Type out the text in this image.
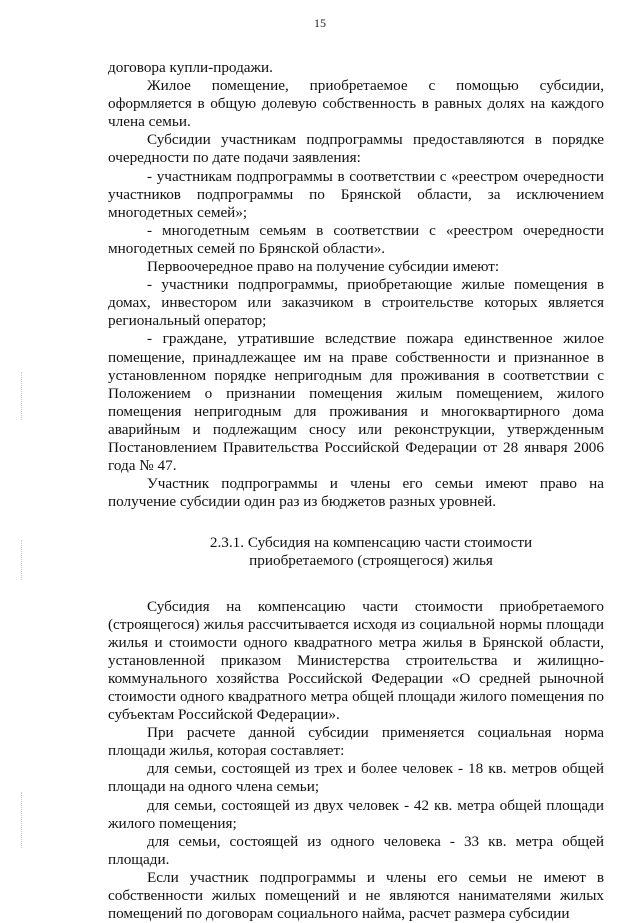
15

договора купли-продажи.

Жилое помещение, приобретаемое с помощью субсидии, оформляется в общую долевую собственность в равных долях на каждого члена семьи.

Субсидии участникам подпрограммы предоставляются в порядке очередности по дате подачи заявления:

- участникам подпрограммы в соответствии с «реестром очередности участников подпрограммы по Брянской области, за исключением многодетных семей»;

- многодетным семьям в соответствии с «реестром очередности многодетных семей по Брянской области».

Первоочередное право на получение субсидии имеют:

- участники подпрограммы, приобретающие жилые помещения в домах, инвестором или заказчиком в строительстве которых является региональный оператор;

- граждане, утратившие вследствие пожара единственное жилое помещение, принадлежащее им на праве собственности и признанное в установленном порядке непригодным для проживания в соответствии с Положением о признании помещения жилым помещением, жилого помещения непригодным для проживания и многоквартирного дома аварийным и подлежащим сносу или реконструкции, утвержденным Постановлением Правительства Российской Федерации от 28 января 2006 года № 47.

Участник подпрограммы и члены его семьи имеют право на получение субсидии один раз из бюджетов разных уровней.

2.3.1. Субсидия на компенсацию части стоимости
приобретаемого (строящегося) жилья

Субсидия на компенсацию части стоимости приобретаемого (строящегося) жилья рассчитывается исходя из социальной нормы площади жилья и стоимости одного квадратного метра жилья в Брянской области, установленной приказом Министерства строительства и жилищно-коммунального хозяйства Российской Федерации «О средней рыночной стоимости одного квадратного метра общей площади жилого помещения по субъектам Российской Федерации».

При расчете данной субсидии применяется социальная норма площади жилья, которая составляет:

для семьи, состоящей из трех и более человек - 18 кв. метров общей площади на одного члена семьи;

для семьи, состоящей из двух человек - 42 кв. метра общей площади жилого помещения;

для семьи, состоящей из одного человека - 33 кв. метра общей площади.

Если участник подпрограммы и члены его семьи не имеют в собственности жилых помещений и не являются нанимателями жилых помещений по договорам социального найма, расчет размера субсидии
